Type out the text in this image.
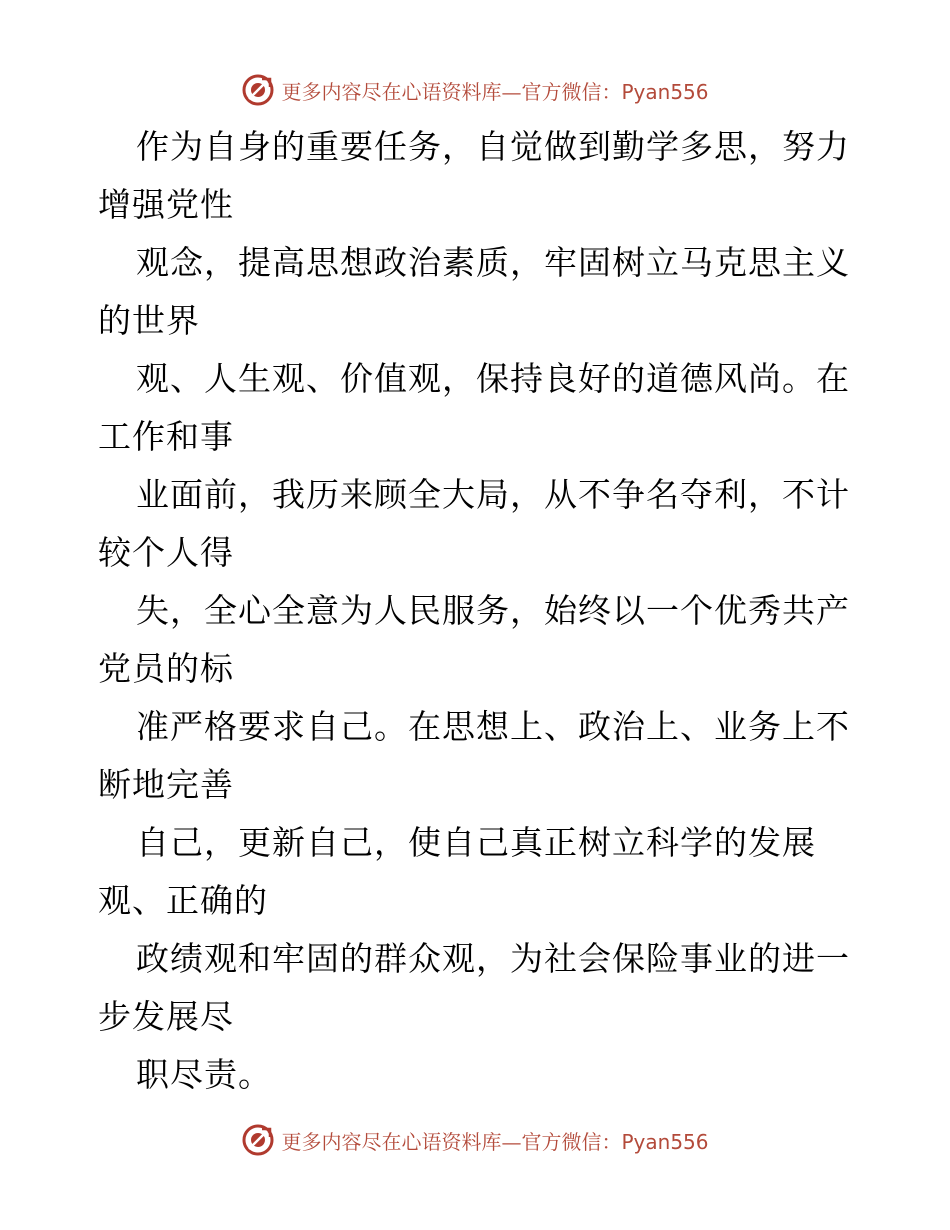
更多内容尽在心语资料库—官方微信：Pyan556
作为自身的重要任务，自觉做到勤学多思，努力
增强党性
观念，提高思想政治素质，牢固树立马克思主义
的世界
观、人生观、价值观，保持良好的道德风尚。在
工作和事
业面前，我历来顾全大局，从不争名夺利，不计
较个人得
失，全心全意为人民服务，始终以一个优秀共产
党员的标
准严格要求自己。在思想上、政治上、业务上不
断地完善
自己，更新自己，使自己真正树立科学的发展
观、正确的
政绩观和牢固的群众观，为社会保险事业的进一
步发展尽
职尽责。
更多内容尽在心语资料库—官方微信：Pyan556
